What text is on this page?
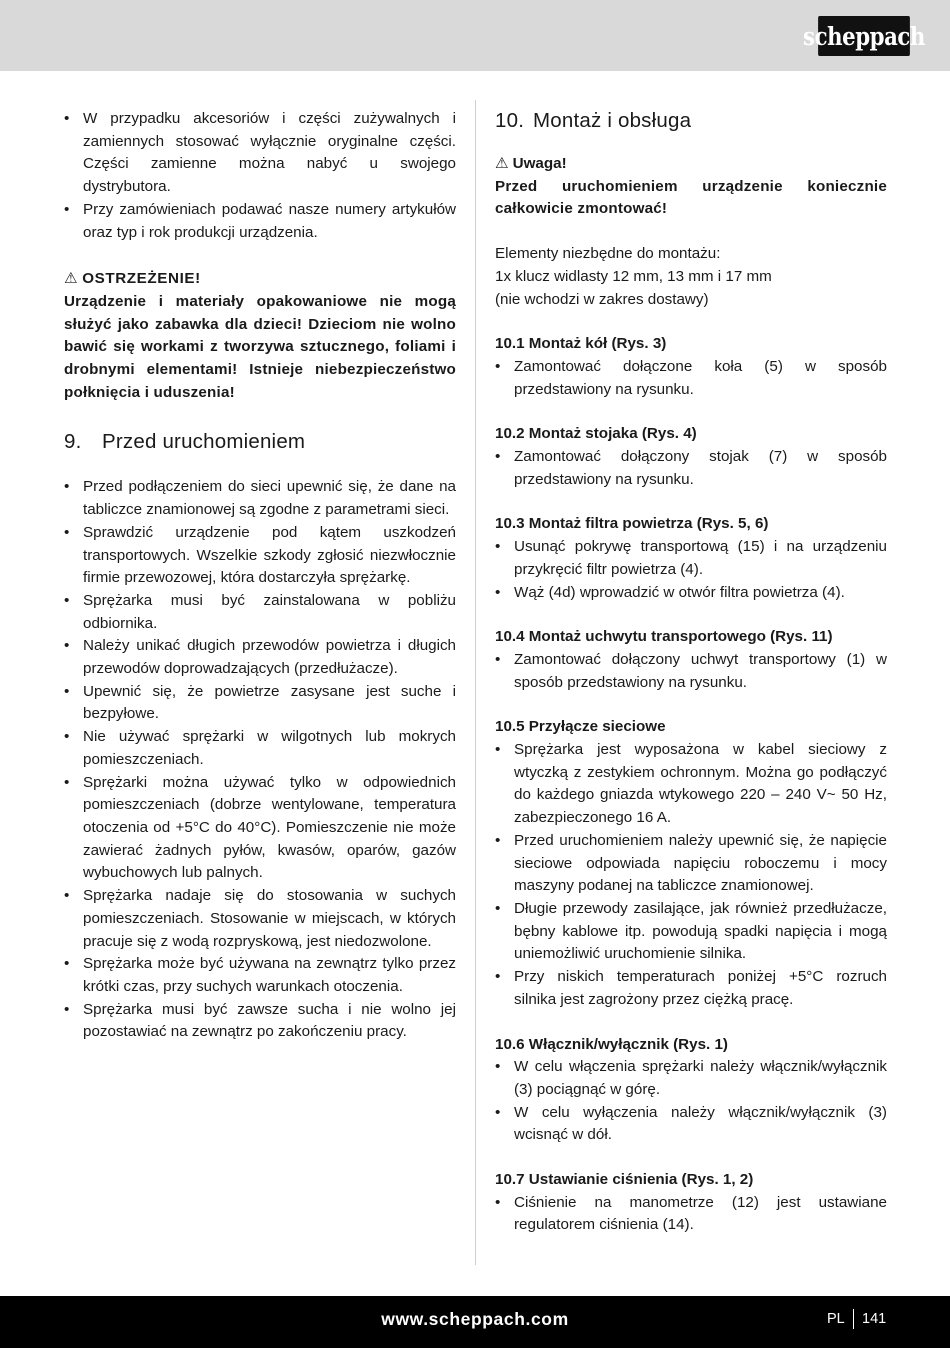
scheppach
• W przypadku akcesoriów i części zużywalnych i zamiennych stosować wyłącznie oryginalne części. Części zamienne można nabyć u swojego dystrybutora.
• Przy zamówieniach podawać nasze numery artykułów oraz typ i rok produkcji urządzenia.

⚠ OSTRZEŻENIE!

Urządzenie i materiały opakowaniowe nie mogą służyć jako zabawka dla dzieci! Dzieciom nie wolno bawić się workami z tworzywa sztucznego, foliami i drobnymi elementami! Istnieje niebezpieczeństwo połknięcia i uduszenia!

9. Przed uruchomieniem

• Przed podłączeniem do sieci upewnić się, że dane na tabliczce znamionowej są zgodne z parametrami sieci.
• Sprawdzić urządzenie pod kątem uszkodzeń transportowych. Wszelkie szkody zgłosić niezwłocznie firmie przewozowej, która dostarczyła sprężarkę.
• Sprężarka musi być zainstalowana w pobliżu odbiornika.
• Należy unikać długich przewodów powietrza i długich przewodów doprowadzających (przedłużacze).
• Upewnić się, że powietrze zasysane jest suche i bezpyłowe.
• Nie używać sprężarki w wilgotnych lub mokrych pomieszczeniach.
• Sprężarki można używać tylko w odpowiednich pomieszczeniach (dobrze wentylowane, temperatura otoczenia od +5°C do 40°C). Pomieszczenie nie może zawierać żadnych pyłów, kwasów, oparów, gazów wybuchowych lub palnych.
• Sprężarka nadaje się do stosowania w suchych pomieszczeniach. Stosowanie w miejscach, w których pracuje się z wodą rozpryskową, jest niedozwolone.
• Sprężarka może być używana na zewnątrz tylko przez krótki czas, przy suchych warunkach otoczenia.
• Sprężarka musi być zawsze sucha i nie wolno jej pozostawiać na zewnątrz po zakończeniu pracy.

10. Montaż i obsługa

⚠ Uwaga!

Przed uruchomieniem urządzenie koniecznie całkowicie zmontować!

Elementy niezbędne do montażu:

1x klucz widlasty 12 mm, 13 mm i 17 mm

(nie wchodzi w zakres dostawy)

10.1 Montaż kół (Rys. 3)

• Zamontować dołączone koła (5) w sposób przedstawiony na rysunku.

10.2 Montaż stojaka (Rys. 4)

• Zamontować dołączony stojak (7) w sposób przedstawiony na rysunku.

10.3 Montaż filtra powietrza (Rys. 5, 6)

• Usunąć pokrywę transportową (15) i na urządzeniu przykręcić filtr powietrza (4).
• Wąż (4d) wprowadzić w otwór filtra powietrza (4).

10.4 Montaż uchwytu transportowego (Rys. 11)

• Zamontować dołączony uchwyt transportowy (1) w sposób przedstawiony na rysunku.

10.5 Przyłącze sieciowe

• Sprężarka jest wyposażona w kabel sieciowy z wtyczką z zestykiem ochronnym. Można go podłączyć do każdego gniazda wtykowego 220 – 240 V~ 50 Hz, zabezpieczonego 16 A.
• Przed uruchomieniem należy upewnić się, że napięcie sieciowe odpowiada napięciu roboczemu i mocy maszyny podanej na tabliczce znamionowej.
• Długie przewody zasilające, jak również przedłużacze, bębny kablowe itp. powodują spadki napięcia i mogą uniemożliwić uruchomienie silnika.
• Przy niskich temperaturach poniżej +5°C rozruch silnika jest zagrożony przez ciężką pracę.

10.6 Włącznik/wyłącznik (Rys. 1)

• W celu włączenia sprężarki należy włącznik/wyłącznik (3) pociągnąć w górę.
• W celu wyłączenia należy włącznik/wyłącznik (3) wcisnąć w dół.

10.7 Ustawianie ciśnienia (Rys. 1, 2)

• Ciśnienie na manometrze (12) jest ustawiane regulatorem ciśnienia (14).
www.scheppach.com	PL 141
